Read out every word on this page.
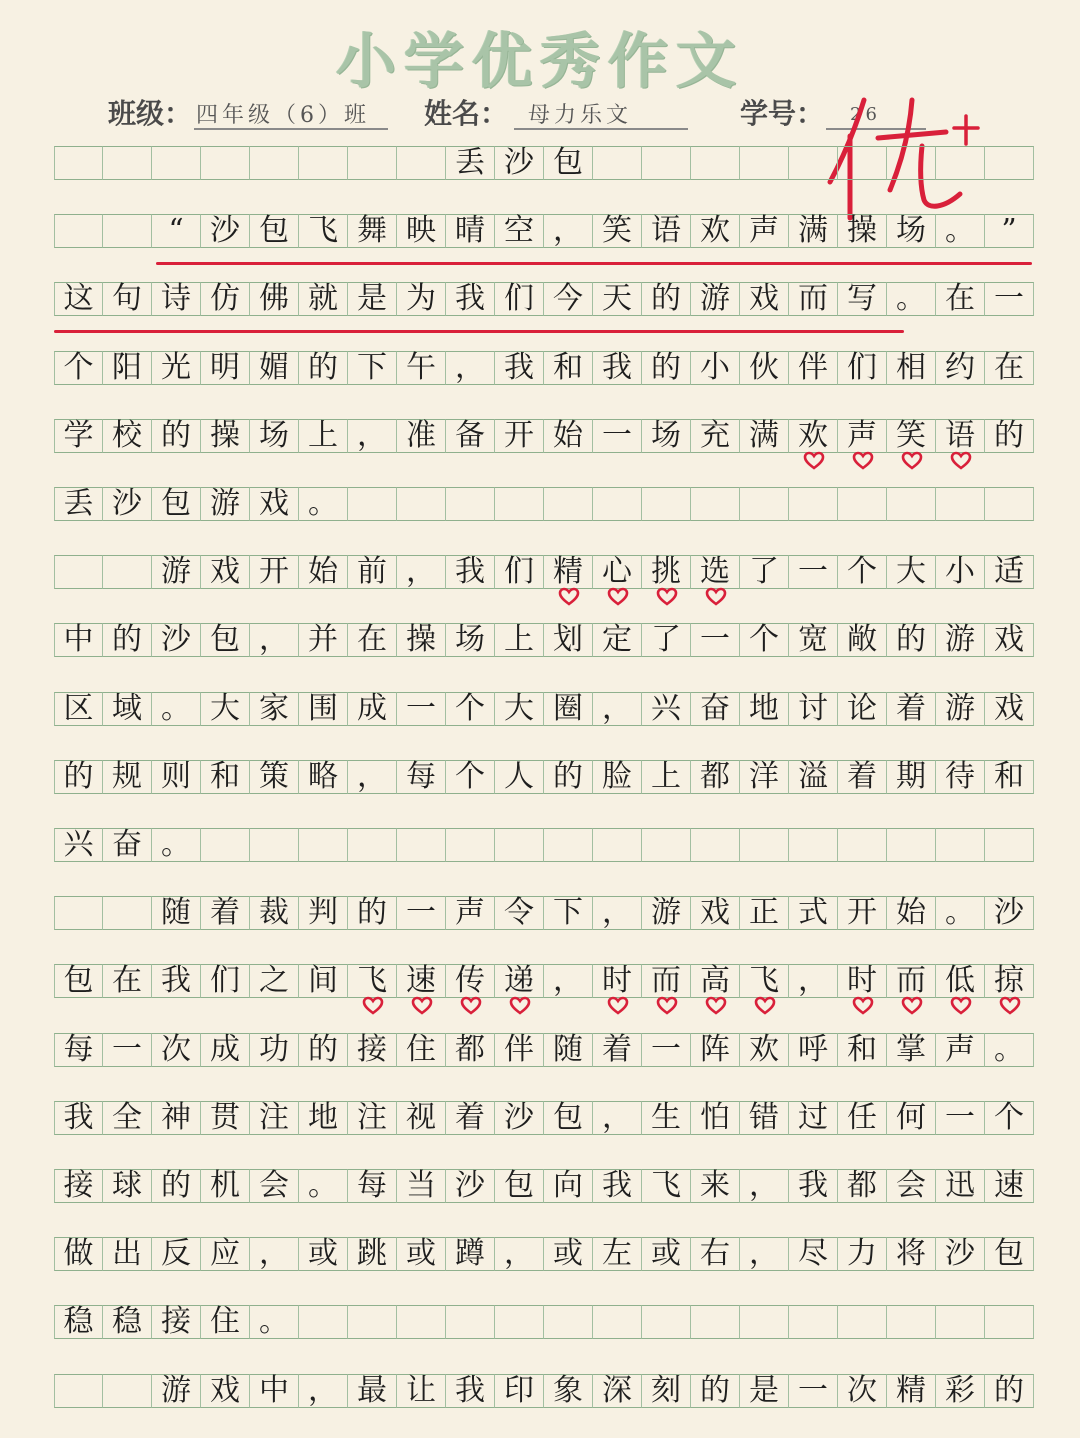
小学优秀作文
班级： 四年级（6）班 姓名： 母力乐文	学号： 26
优
丢 沙 包
“ 沙 包 飞 舞 映 晴 空 ， 笑 语 欢 声 满 操 场 。 ”
这 句 诗 仿 佛 就 是 为 我 们 今 天 的 游 戏 而 写 。 在 一
个 阳 光 明 媚 的 下 午 ， 我 和 我 的 小 伙 伴 们 相 约 在
学 校 的 操 场 上 ， 准 备 开 始 一 场 充 满 欢 声 笑 语 的
丢 沙 包 游 戏 。
游 戏 开 始 前 ， 我 们 精 心 挑 选 了 一 个 大 小 适
中 的 沙 包 ， 并 在 操 场 上 划 定 了 一 个 宽 敞 的 游 戏
区 域 。 大 家 围 成 一 个 大 圈 ， 兴 奋 地 讨 论 着 游 戏
的 规 则 和 策 略 ， 每 个 人 的 脸 上 都 洋 溢 着 期 待 和
兴 奋 。
随 着 裁 判 的 一 声 令 下 ， 游 戏 正 式 开 始 。 沙
包 在 我 们 之 间 飞 速 传 递 ， 时 而 高 飞 ， 时 而 低 掠
每 一 次 成 功 的 接 住 都 伴 随 着 一 阵 欢 呼 和 掌 声 。
我 全 神 贯 注 地 注 视 着 沙 包 ， 生 怕 错 过 任 何 一 个
接 球 的 机 会 。 每 当 沙 包 向 我 飞 来 ， 我 都 会 迅 速
做 出 反 应 ， 或 跳 或 蹲 ， 或 左 或 右 ， 尽 力 将 沙 包
稳 稳 接 住 。
游 戏 中 ， 最 让 我 印 象 深 刻 的 是 一 次 精 彩 的
